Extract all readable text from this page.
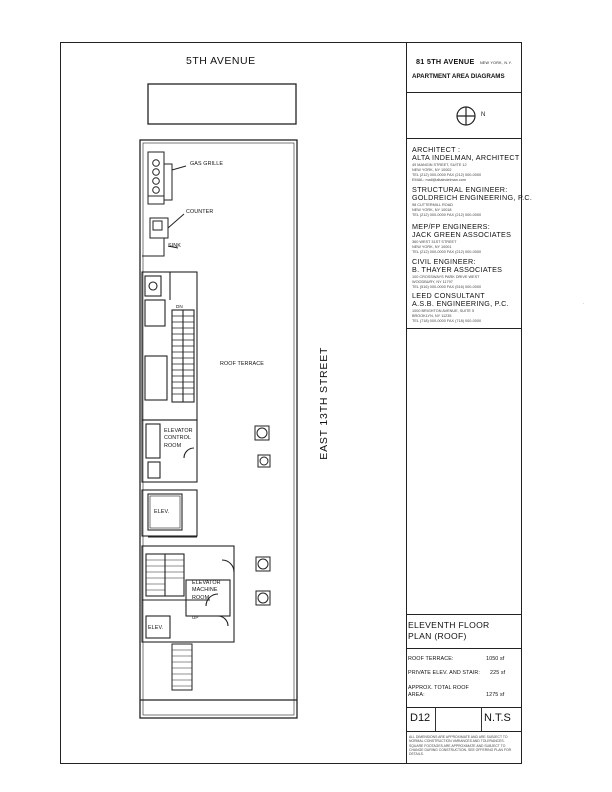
5TH AVENUE
EAST 13TH STREET
GAS GRILLE
COUNTER
SINK
ROOF TERRACE
DN
ELEVATOR
CONTROL
ROOM
ELEV.
ELEVATOR
MACHINE
ROOM
ELEV.
UP
81 5TH AVENUE NEW YORK, N.Y.
APARTMENT AREA DIAGRAMS
N
ARCHITECT :
ALTA INDELMAN, ARCHITECT
49 MANGIN STREET, SUITE 12
NEW YORK, NY 10002
TEL (212) 000-0000 FAX (212) 000-0000
EMAIL: mail@altaindelman.com
STRUCTURAL ENGINEER:
GOLDREICH ENGINEERING, P.C.
98 CUTTERMILL ROAD
NEW YORK, NY 10018
TEL (212) 000-0000 FAX (212) 000-0000
MEP/FP ENGINEERS:
JACK GREEN ASSOCIATES
360 WEST 31ST STREET
NEW YORK, NY 10001
TEL (212) 000-0000 FAX (212) 000-0000
CIVIL ENGINEER:
B. THAYER ASSOCIATES
100 CROSSWAYS PARK DRIVE WEST
WOODBURY, NY 11797
TEL (516) 000-0000 FAX (516) 000-0000
LEED CONSULTANT
A.S.B. ENGINEERING, P.C.
1000 BRIGHTON AVENUE, SUITE 5
BROOKLYN, NY 11235
TEL (718) 000-0000 FAX (718) 000-0000
·
ELEVENTH FLOOR
PLAN (ROOF)
ROOF TERRACE:	1050 sf
PRIVATE ELEV. AND STAIR: 225 sf
APPROX. TOTAL ROOF AREA:	1275 sf
D12	N.T.S
ALL DIMENSIONS ARE APPROXIMATE AND ARE SUBJECT TO
NORMAL CONSTRUCTION VARIANCES AND TOLERANCES.
SQUARE FOOTAGES ARE APPROXIMATE AND SUBJECT TO
CHANGE DURING CONSTRUCTION. SEE OFFERING PLAN FOR
DETAILS.
